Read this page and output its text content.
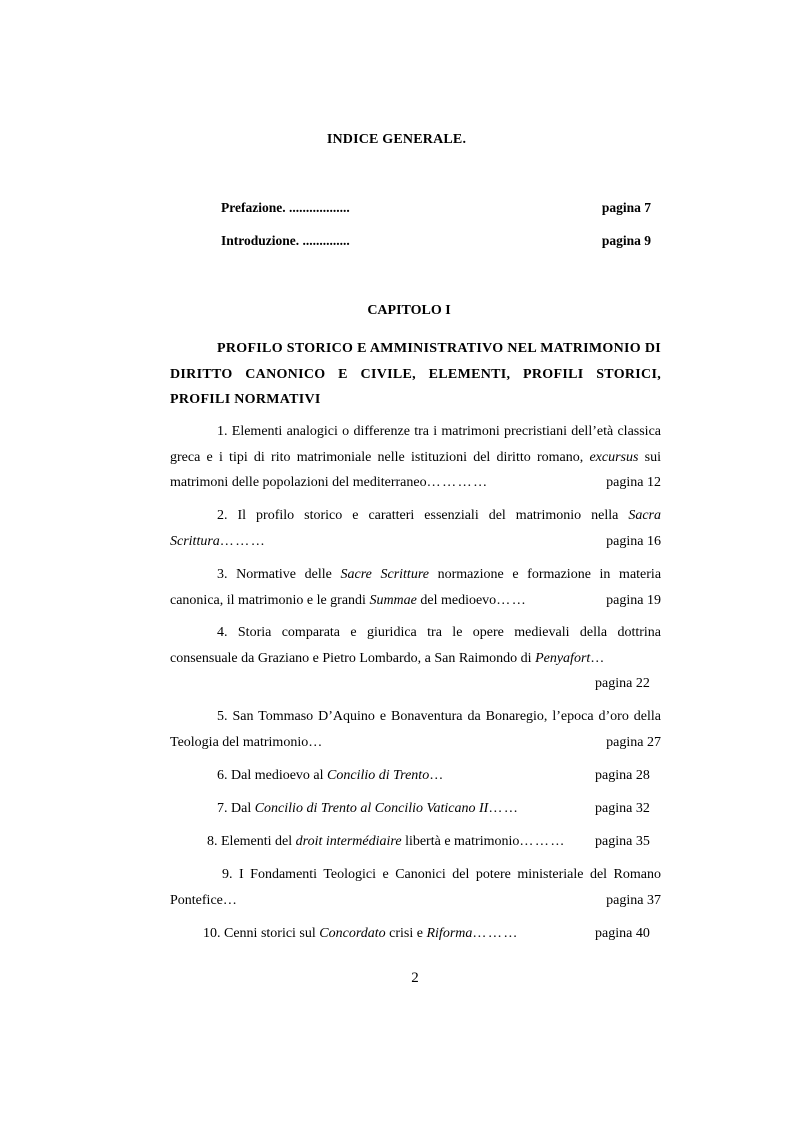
INDICE GENERALE.
Prefazione. ..................	pagina 7
Introduzione. ..............	pagina 9
CAPITOLO I
PROFILO STORICO E AMMINISTRATIVO NEL MATRIMONIO DI DIRITTO CANONICO E CIVILE, ELEMENTI, PROFILI STORICI, PROFILI NORMATIVI
1. Elementi analogici o differenze tra i matrimoni precristiani dell’età classica greca e i tipi di rito matrimoniale nelle istituzioni del diritto romano, excursus sui matrimoni delle popolazioni del mediterraneo…………	pagina 12
2. Il profilo storico e caratteri essenziali del matrimonio nella Sacra Scrittura………	pagina 16
3. Normative delle Sacre Scritture normazione e formazione in materia canonica, il matrimonio e le grandi Summae del medioevo……	pagina 19
4. Storia comparata e giuridica tra le opere medievali della dottrina consensuale da Graziano e Pietro Lombardo, a San Raimondo di Penyafort…
pagina 22
5. San Tommaso D’Aquino e Bonaventura da Bonaregio, l’epoca d’oro della Teologia del matrimonio…	pagina 27
6. Dal medioevo al Concilio di Trento…	pagina 28
7. Dal Concilio di Trento al Concilio Vaticano II……	pagina 32
8. Elementi del droit intermédiaire libertà e matrimonio……… pagina 35
9. I Fondamenti Teologici e Canonici del potere ministeriale del Romano Pontefice…	pagina 37
10. Cenni storici sul Concordato crisi e Riforma………	pagina 40
2
